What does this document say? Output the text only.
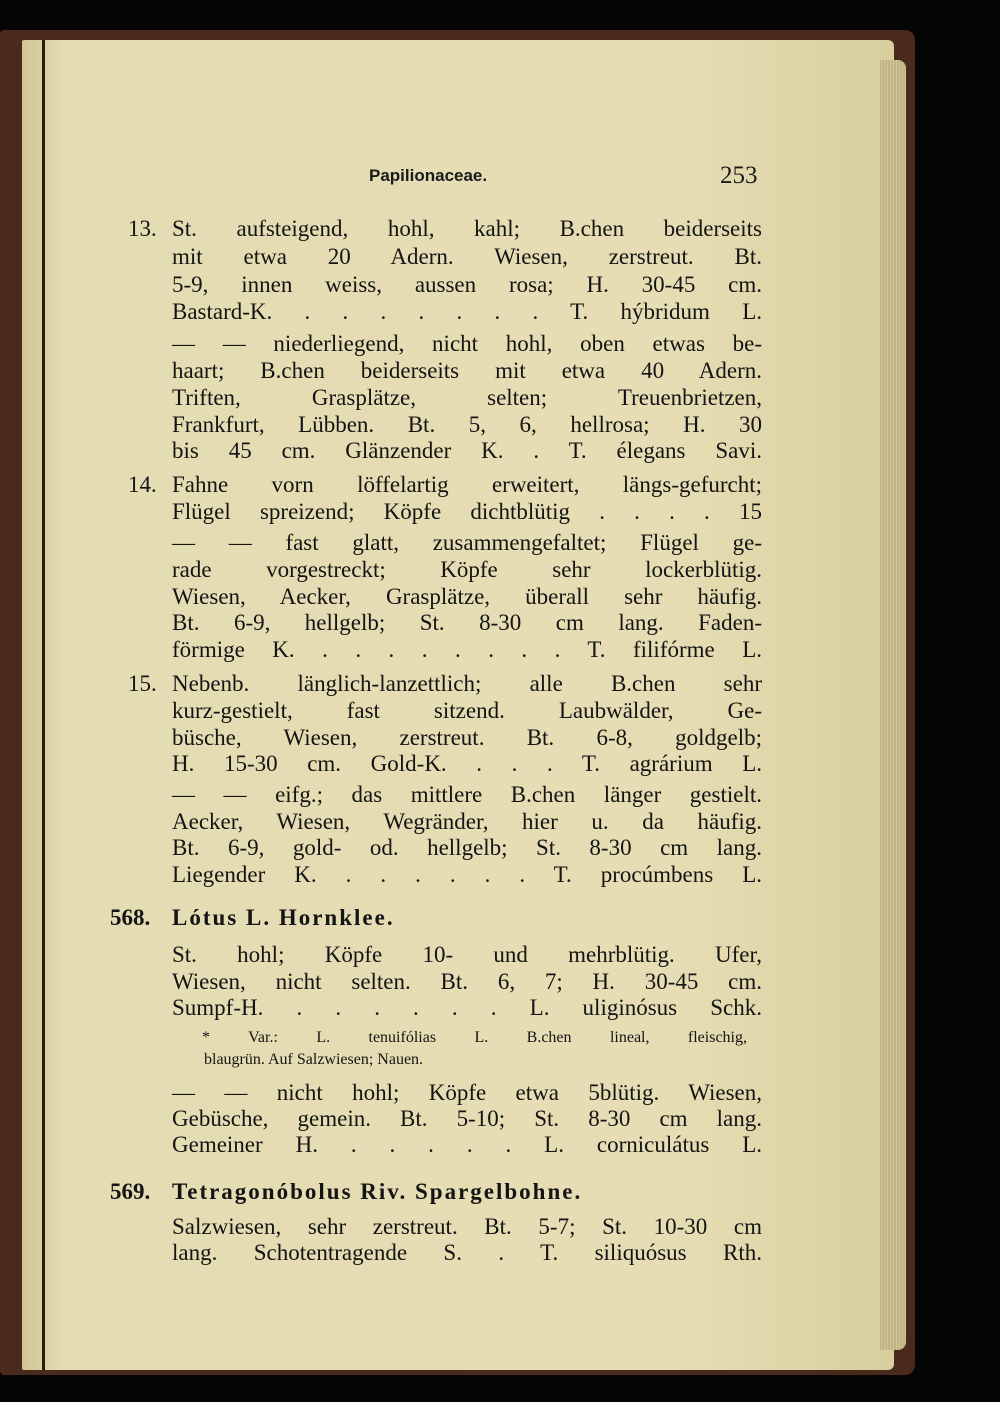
Papilionaceae.	253
13. St. aufsteigend, hohl, kahl; B.chen beiderseits
mit etwa 20 Adern. Wiesen, zerstreut. Bt.
5-9, innen weiss, aussen rosa; H. 30-45 cm.
Bastard-K. . . . . . . . T. hýbridum L.
— — niederliegend, nicht hohl, oben etwas be-
haart; B.chen beiderseits mit etwa 40 Adern.
Triften, Grasplätze, selten; Treuenbrietzen,
Frankfurt, Lübben. Bt. 5, 6, hellrosa; H. 30
bis 45 cm. Glänzender K. . T. élegans Savi.
14. Fahne vorn löffelartig erweitert, längs-gefurcht;
Flügel spreizend; Köpfe dichtblütig . . . . 15
— — fast glatt, zusammengefaltet; Flügel ge-
rade vorgestreckt; Köpfe sehr lockerblütig.
Wiesen, Aecker, Grasplätze, überall sehr häufig.
Bt. 6-9, hellgelb; St. 8-30 cm lang. Faden-
förmige K. . . . . . . . . T. filifórme L.
15. Nebenb. länglich-lanzettlich; alle B.chen sehr
kurz-gestielt, fast sitzend. Laubwälder, Ge-
büsche, Wiesen, zerstreut. Bt. 6-8, goldgelb;
H. 15-30 cm. Gold-K. . . . T. agrárium L.
— — eifg.; das mittlere B.chen länger gestielt.
Aecker, Wiesen, Wegränder, hier u. da häufig.
Bt. 6-9, gold- od. hellgelb; St. 8-30 cm lang.
Liegender K. . . . . . . T. procúmbens L.
568. Lótus L. Hornklee.
St. hohl; Köpfe 10- und mehrblütig. Ufer,
Wiesen, nicht selten. Bt. 6, 7; H. 30-45 cm.
Sumpf-H. . . . . . . L. uliginósus Schk.
* Var.: L. tenuifólias L. B.chen lineal, fleischig,
blaugrün. Auf Salzwiesen; Nauen.
— — nicht hohl; Köpfe etwa 5blütig. Wiesen,
Gebüsche, gemein. Bt. 5-10; St. 8-30 cm lang.
Gemeiner H. . . . . . L. corniculátus L.
569. Tetragonóbolus Riv. Spargelbohne.
Salzwiesen, sehr zerstreut. Bt. 5-7; St. 10-30 cm
lang. Schotentragende S. . T. siliquósus Rth.
